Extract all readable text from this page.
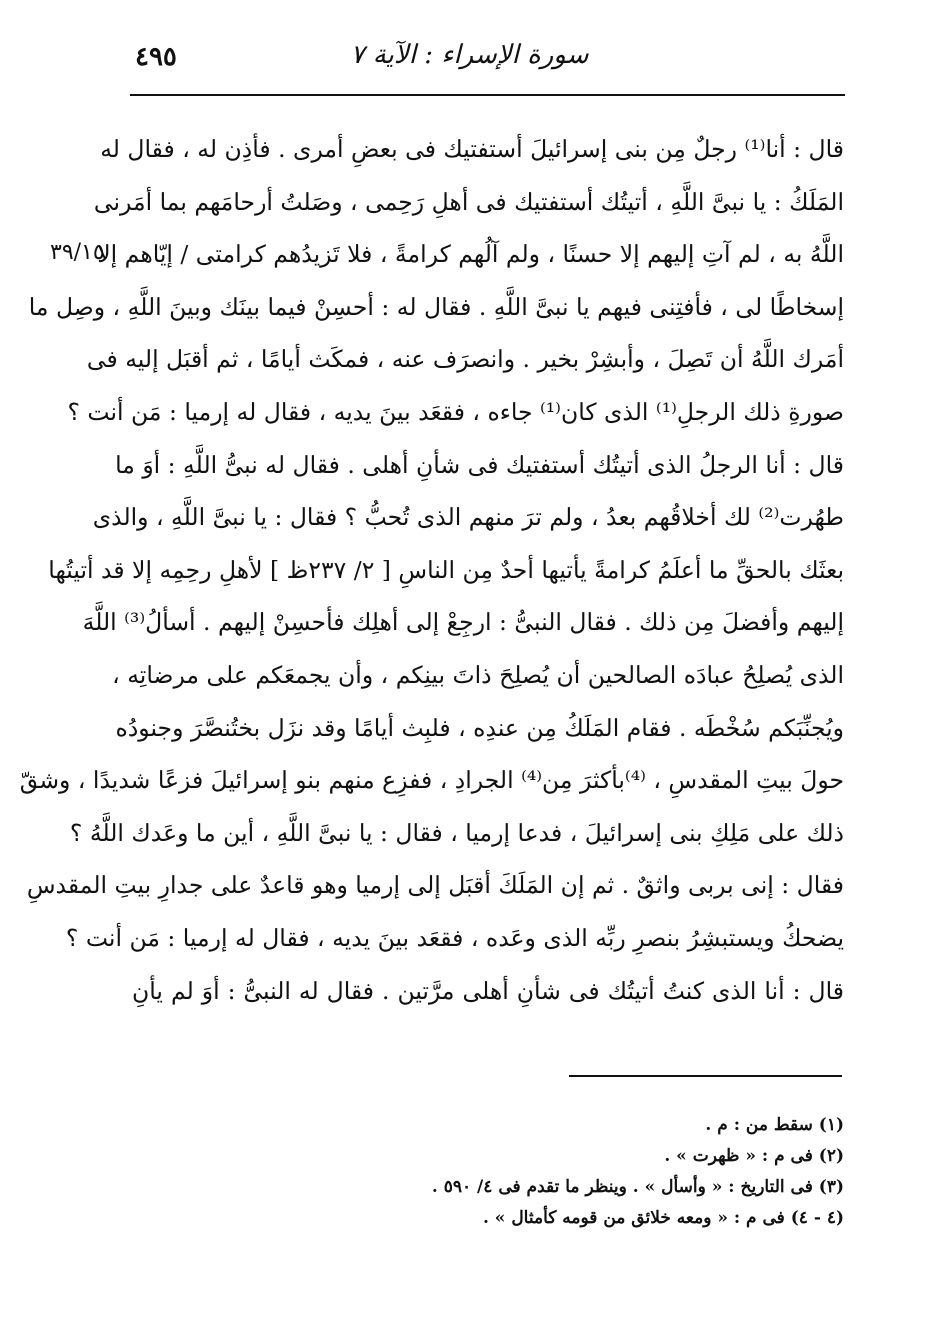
٤٩٥	سورة الإسراء : الآية ٧
٣٩/١٥
قال : أنا⁽¹⁾ رجلٌ مِن بنى إسرائيلَ أستفتيك فى بعضِ أمرى . فأذِن له ، فقال له
المَلَكُ : يا نبىَّ اللَّهِ ، أتيتُك أستفتيك فى أهلِ رَحِمى ، وصَلتُ أرحامَهم بما أمَرنى
اللَّهُ به ، لم آتِ إليهم إلا حسنًا ، ولم آلُهم كرامةً ، فلا تَزيدُهم كرامتى / إيّاهم إلا
إسخاطًا لى ، فأفتِنى فيهم يا نبىَّ اللَّهِ . فقال له : أحسِنْ فيما بينَك وبينَ اللَّهِ ، وصِل ما
أمَرك اللَّهُ أن تَصِلَ ، وأبشِرْ بخير . وانصرَف عنه ، فمكَث أيامًا ، ثم أقبَل إليه فى
صورةِ ذلك الرجلِ⁽¹⁾ الذى كان⁽¹⁾ جاءه ، فقعَد بينَ يديه ، فقال له إرميا : مَن أنت ؟
قال : أنا الرجلُ الذى أتيتُك أستفتيك فى شأنِ أهلى . فقال له نبىُّ اللَّهِ : أوَ ما
طهُرت⁽²⁾ لك أخلاقُهم بعدُ ، ولم ترَ منهم الذى تُحبُّ ؟ فقال : يا نبىَّ اللَّهِ ، والذى
بعثَك بالحقِّ ما أعلَمُ كرامةً يأتيها أحدٌ مِن الناسِ [ ٢/ ٢٣٧ظ ] لأهلِ رحِمِه إلا قد أتيتُها
إليهم وأفضلَ مِن ذلك . فقال النبىُّ : ارجِعْ إلى أهلِك فأحسِنْ إليهم . أسألُ⁽³⁾ اللَّهَ
الذى يُصلِحُ عبادَه الصالحين أن يُصلِحَ ذاتَ بينِكم ، وأن يجمعَكم على مرضاتِه ،
ويُجنِّبَكم سُخْطَه . فقام المَلَكُ مِن عندِه ، فلبِث أيامًا وقد نزَل بختُنصَّرَ وجنودُه
حولَ بيتِ المقدسِ ، ⁽⁴⁾بأكثرَ مِن⁽⁴⁾ الجرادِ ، ففزِع منهم بنو إسرائيلَ فزعًا شديدًا ، وشقّ
ذلك على مَلِكِ بنى إسرائيلَ ، فدعا إرميا ، فقال : يا نبىَّ اللَّهِ ، أين ما وعَدك اللَّهُ ؟
فقال : إنى بربى واثقٌ . ثم إن المَلَكَ أقبَل إلى إرميا وهو قاعدٌ على جدارِ بيتِ المقدسِ
يضحكُ ويستبشِرُ بنصرِ ربِّه الذى وعَده ، فقعَد بينَ يديه ، فقال له إرميا : مَن أنت ؟
قال : أنا الذى كنتُ أتيتُك فى شأنِ أهلى مرَّتين . فقال له النبىُّ : أوَ لم يأنِ
(١) سقط من : م .
(٢) فى م : « ظهرت » .
(٣) فى التاريخ : « وأسأل » . وينظر ما تقدم فى ٤/ ٥٩٠ .
(٤ - ٤) فى م : « ومعه خلائق من قومه كأمثال » .
